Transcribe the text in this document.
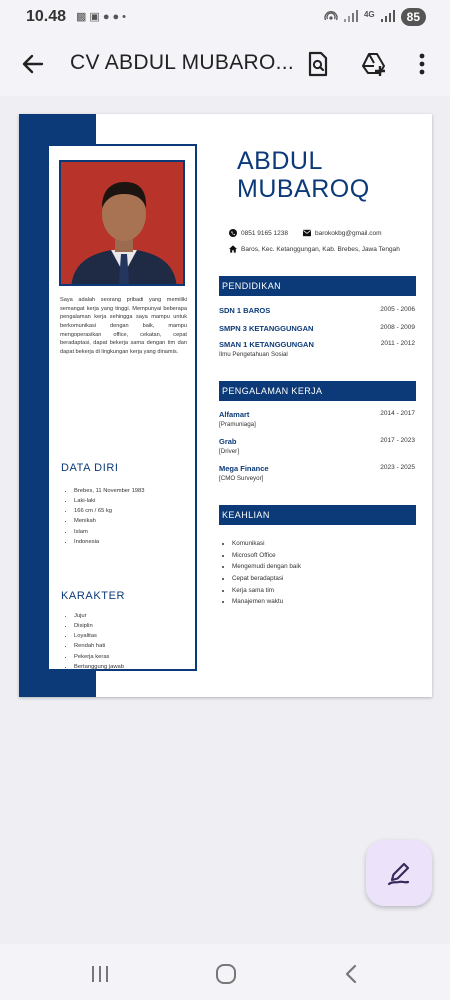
10.48 ▩▣●●•	4G	85
CV ABDUL MUBARO...

Saya adalah seorang pribadi yang memiliki semangat kerja yang tinggi. Mempunyai beberapa pengalaman kerja sehingga saya mampu untuk berkomunikasi dengan baik, mampu mengoperasikan office, cekatan, cepat beradaptasi, dapat bekerja sama dengan tim dan dapat bekerja di lingkungan kerja yang dinamis.

DATA DIRI
• Brebes, 11 November 1983
• Laki-laki
• 166 cm / 65 kg
• Menikah
• Islam
• Indonesia
KARAKTER
• Jujur
• Disiplin
• Loyalitas
• Rendah hati
• Pekerja keras
• Bertanggung jawab
ABDUL
MUBAROQ
0851 9165 1238	barokokbg@gmail.com
Baros, Kec. Ketanggungan, Kab. Brebes, Jawa Tengah
PENDIDIKAN
SDN 1 BAROS	2005 - 2006
SMPN 3 KETANGGUNGAN	2008 - 2009
SMAN 1 KETANGGUNGAN	2011 - 2012
Ilmu Pengetahuan Sosial
PENGALAMAN KERJA
Alfamart	2014 - 2017
[Pramuniaga]
Grab	2017 - 2023
[Driver]
Mega Finance	2023 - 2025
[CMO Surveyor]
KEAHLIAN
• Komunikasi
• Microsoft Office
• Mengemudi dengan baik
• Cepat beradaptasi
• Kerja sama tim
• Manajemen waktu
